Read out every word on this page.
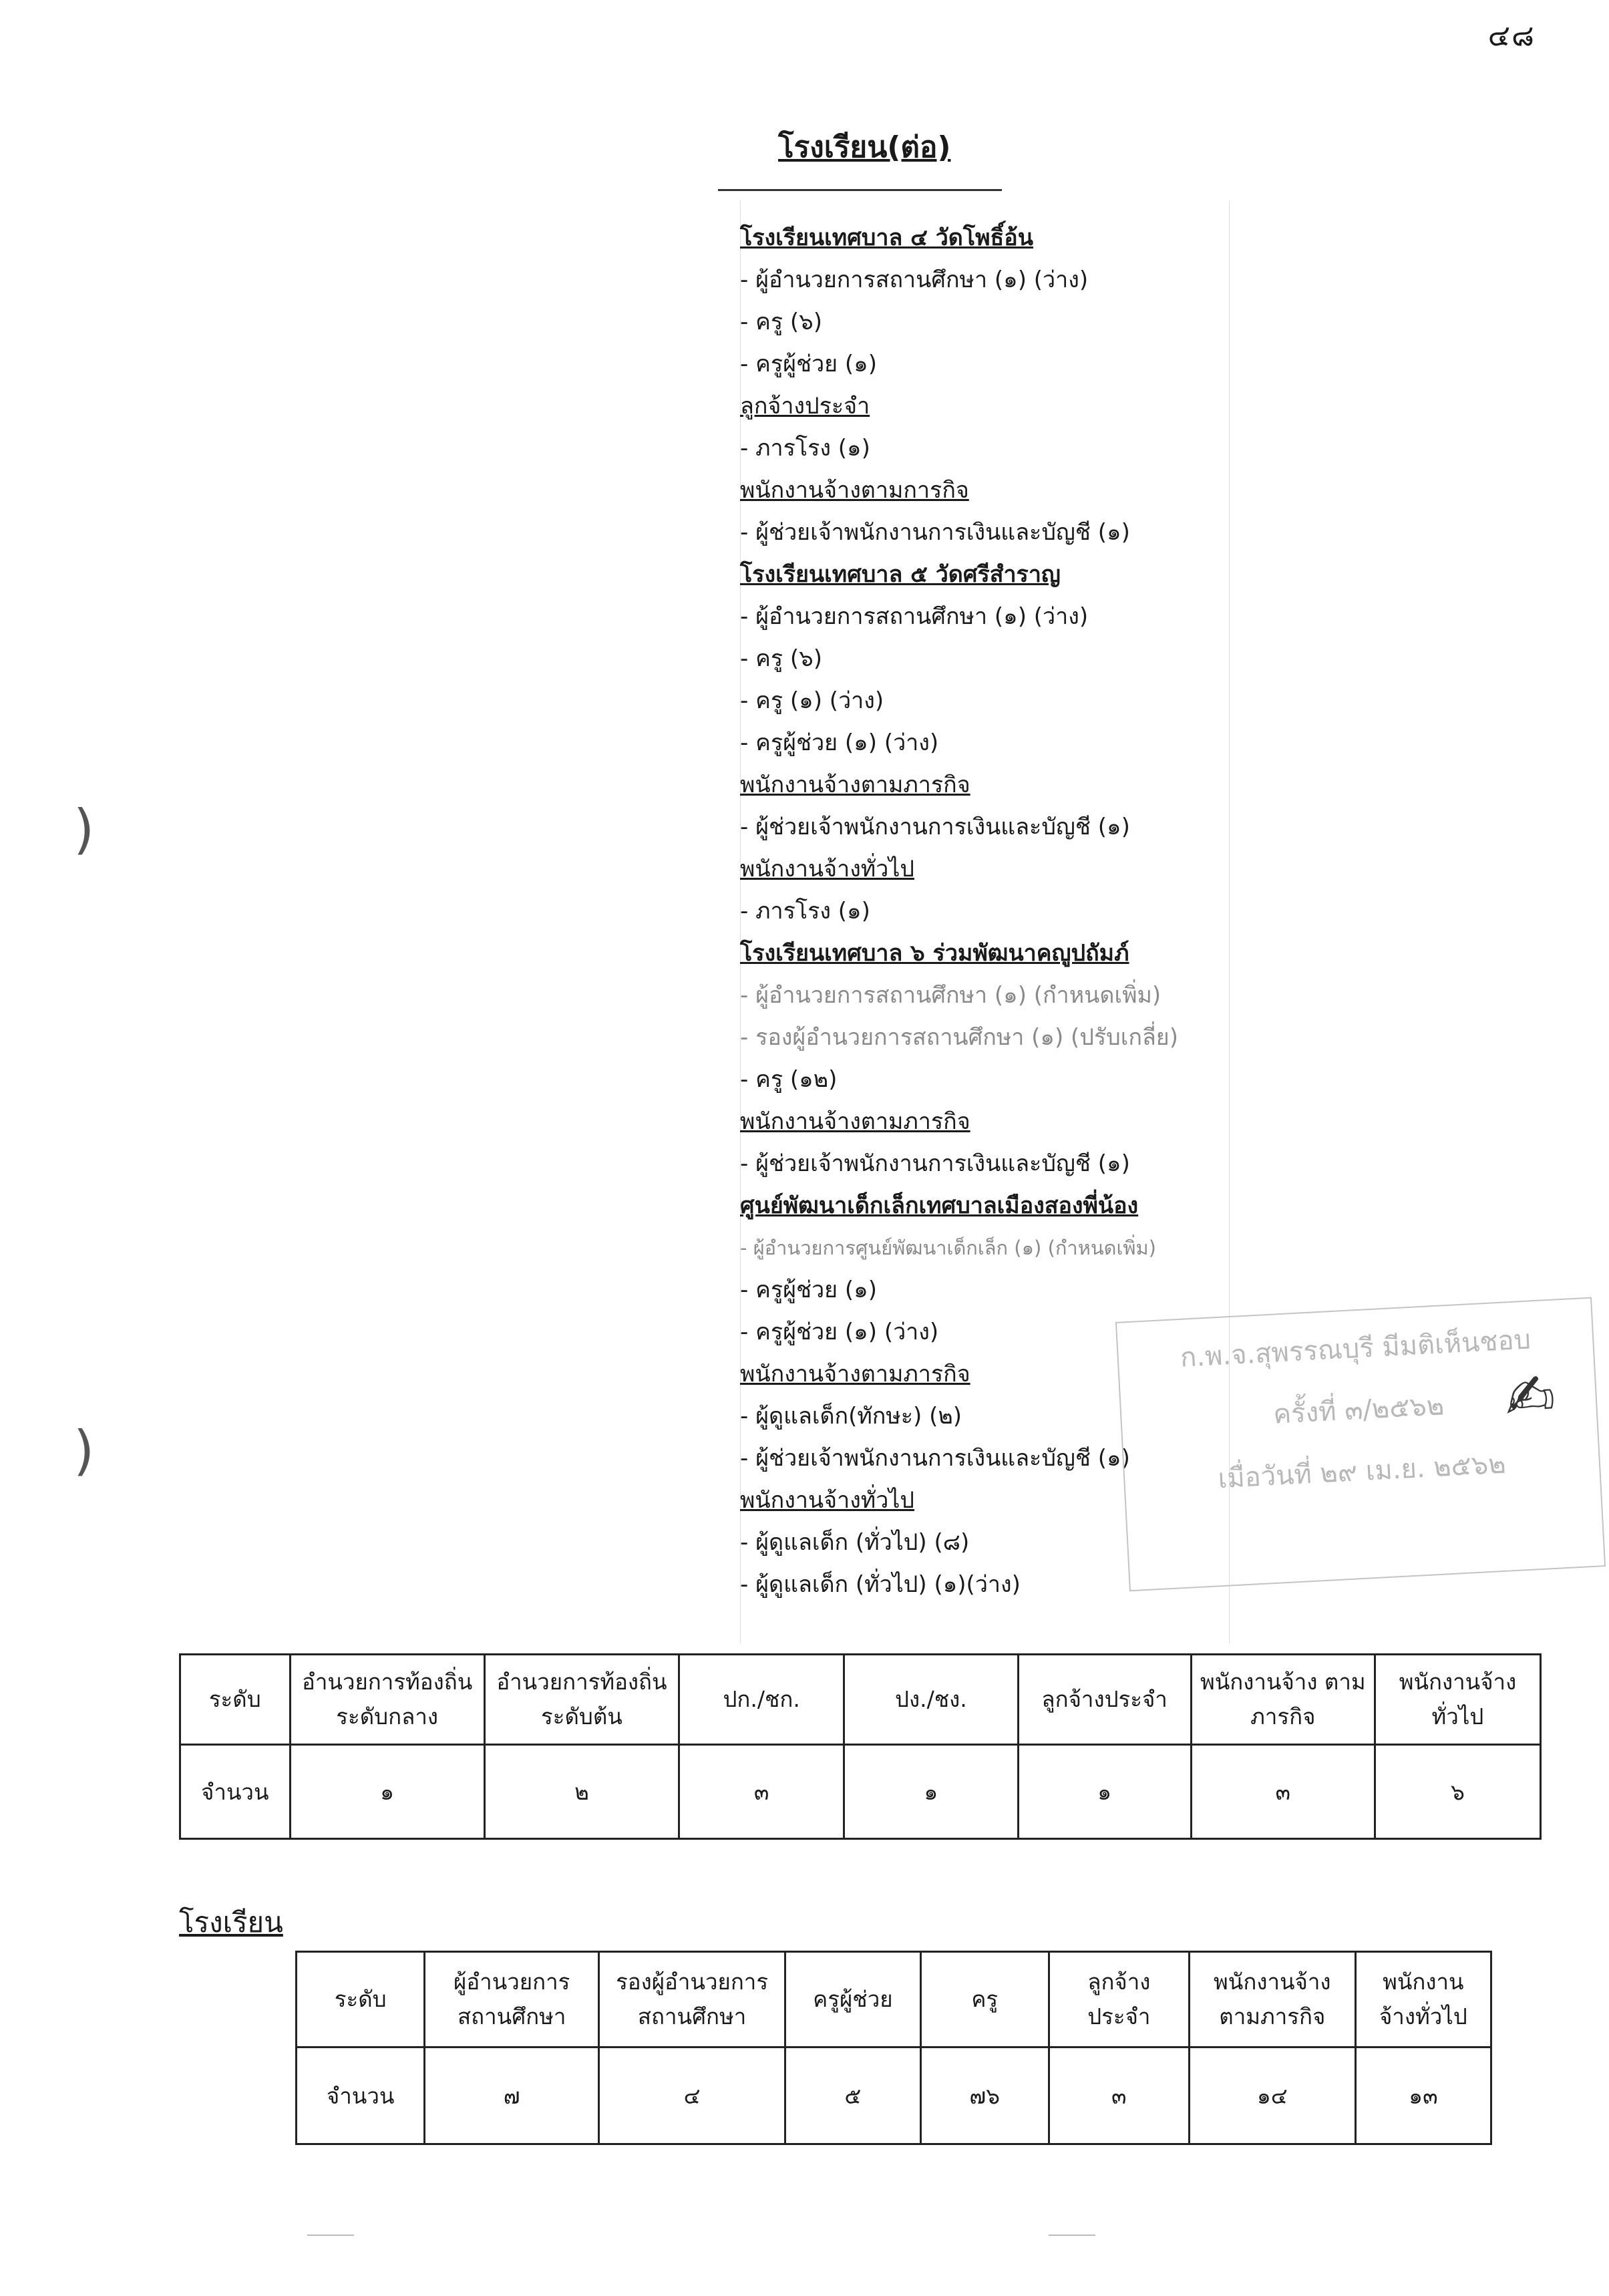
๔๘
โรงเรียน(ต่อ)
โรงเรียนเทศบาล ๔ วัดโพธิ์อ้น
- ผู้อำนวยการสถานศึกษา (๑) (ว่าง)
- ครู (๖)
- ครูผู้ช่วย (๑)
ลูกจ้างประจำ
- ภารโรง (๑)
พนักงานจ้างตามการกิจ
- ผู้ช่วยเจ้าพนักงานการเงินและบัญชี (๑)
โรงเรียนเทศบาล ๕ วัดศรีสำราญ
- ผู้อำนวยการสถานศึกษา (๑) (ว่าง)
- ครู (๖)
- ครู (๑) (ว่าง)
- ครูผู้ช่วย (๑) (ว่าง)
พนักงานจ้างตามภารกิจ
- ผู้ช่วยเจ้าพนักงานการเงินและบัญชี (๑)
พนักงานจ้างทั่วไป
- ภารโรง (๑)
โรงเรียนเทศบาล ๖ ร่วมพัฒนาคญูปถัมภ์
- ผู้อำนวยการสถานศึกษา (๑) (กำหนดเพิ่ม)
- รองผู้อำนวยการสถานศึกษา (๑) (ปรับเกลี่ย)
- ครู (๑๒)
พนักงานจ้างตามภารกิจ
- ผู้ช่วยเจ้าพนักงานการเงินและบัญชี (๑)
ศูนย์พัฒนาเด็กเล็กเทศบาลเมืองสองพี่น้อง
- ผู้อำนวยการศูนย์พัฒนาเด็กเล็ก (๑) (กำหนดเพิ่ม)
- ครูผู้ช่วย (๑)
- ครูผู้ช่วย (๑) (ว่าง)
พนักงานจ้างตามภารกิจ
- ผู้ดูแลเด็ก(ทักษะ) (๒)
- ผู้ช่วยเจ้าพนักงานการเงินและบัญชี (๑)
พนักงานจ้างทั่วไป
- ผู้ดูแลเด็ก (ทั่วไป) (๘)
- ผู้ดูแลเด็ก (ทั่วไป) (๑)(ว่าง)
)
)
ก.พ.จ.สุพรรณบุรี มีมติเห็นชอบ
ครั้งที่ ๓/๒๕๖๒
เมื่อวันที่ ๒๙ เม.ย. ๒๕๖๒
✍
ระดับ	อำนวยการท้องถิ่น ระดับกลาง	อำนวยการท้องถิ่น ระดับต้น	ปก./ชก.	ปง./ชง.	ลูกจ้างประจำ	พนักงานจ้าง ตามภารกิจ	พนักงานจ้าง ทั่วไป

จำนวน	๑	๒	๓	๑	๑	๓	๖
โรงเรียน
ระดับ	ผู้อำนวยการ สถานศึกษา	รองผู้อำนวยการ สถานศึกษา	ครูผู้ช่วย	ครู	ลูกจ้าง ประจำ	พนักงานจ้าง ตามภารกิจ	พนักงาน จ้างทั่วไป

จำนวน	๗	๔	๕	๗๖	๓	๑๔	๑๓
